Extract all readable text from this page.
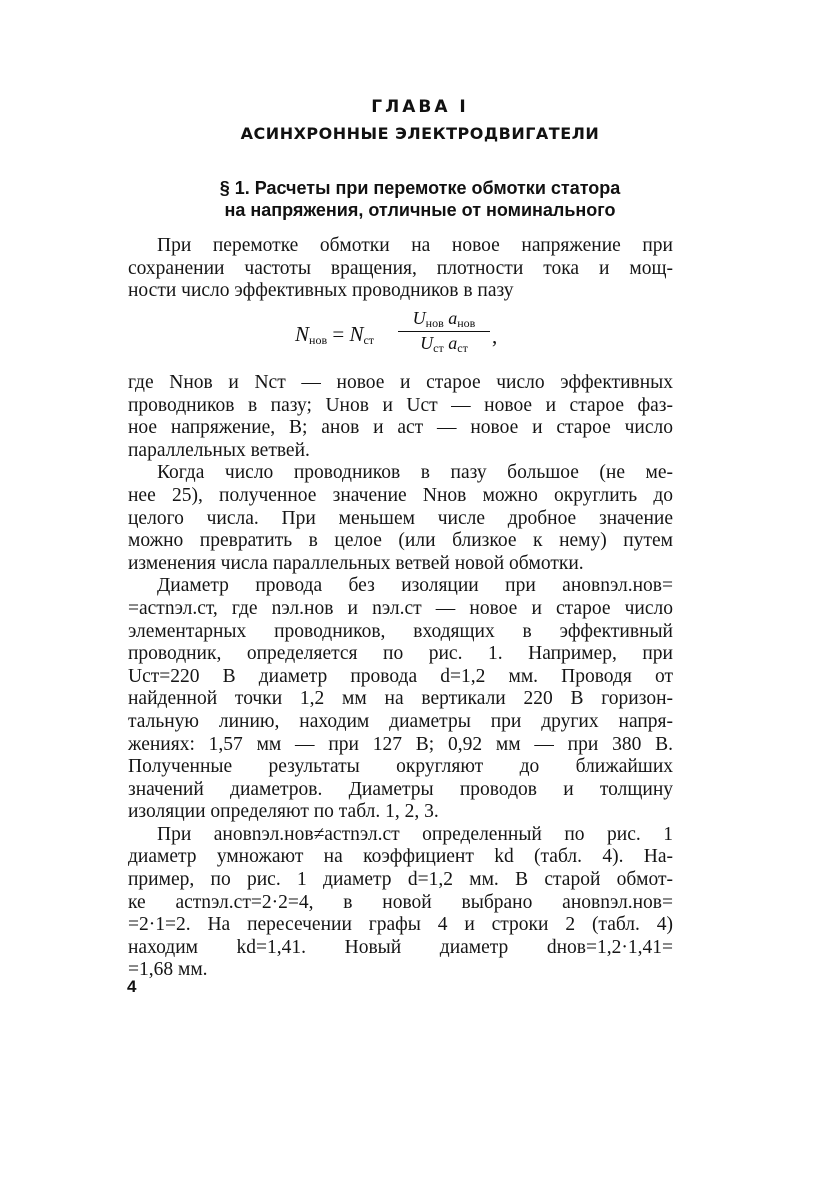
ГЛАВА I
АСИНХРОННЫЕ ЭЛЕКТРОДВИГАТЕЛИ
§ 1. Расчеты при перемотке обмотки статора
на напряжения, отличные от номинального
При перемотке обмотки на новое напряжение при
сохранении частоты вращения, плотности тока и мощ-
ности число эффективных проводников в пазу
$N_{нов} = N_{ст}$
$U_{нов}$ $a_{нов}$
$U_{ст}$ $a_{ст}$	,
где Nнов и Nст — новое и старое число эффективных
проводников в пазу; Uнов и Uст — новое и старое фаз-
ное напряжение, В; aнов и aст — новое и старое число
параллельных ветвей.
Когда число проводников в пазу большое (не ме-
нее 25), полученное значение Nнов можно округлить до
целого числа. При меньшем числе дробное значение
можно превратить в целое (или близкое к нему) путем
изменения числа параллельных ветвей новой обмотки.
Диаметр провода без изоляции при aновnэл.нов=
=aстnэл.ст, где nэл.нов и nэл.ст — новое и старое число
элементарных проводников, входящих в эффективный
проводник, определяется по рис. 1. Например, при
Uст=220 В диаметр провода d=1,2 мм. Проводя от
найденной точки 1,2 мм на вертикали 220 В горизон-
тальную линию, находим диаметры при других напря-
жениях: 1,57 мм — при 127 В; 0,92 мм — при 380 В.
Полученные результаты округляют до ближайших
значений диаметров. Диаметры проводов и толщину
изоляции определяют по табл. 1, 2, 3.
При aновnэл.нов≠aстnэл.ст определенный по рис. 1
диаметр умножают на коэффициент kd (табл. 4). На-
пример, по рис. 1 диаметр d=1,2 мм. В старой обмот-
ке aстnэл.ст=2·2=4, в новой выбрано aновnэл.нов=
=2·1=2. На пересечении графы 4 и строки 2 (табл. 4)
находим kd=1,41. Новый диаметр dнов=1,2·1,41=
=1,68 мм.
4
